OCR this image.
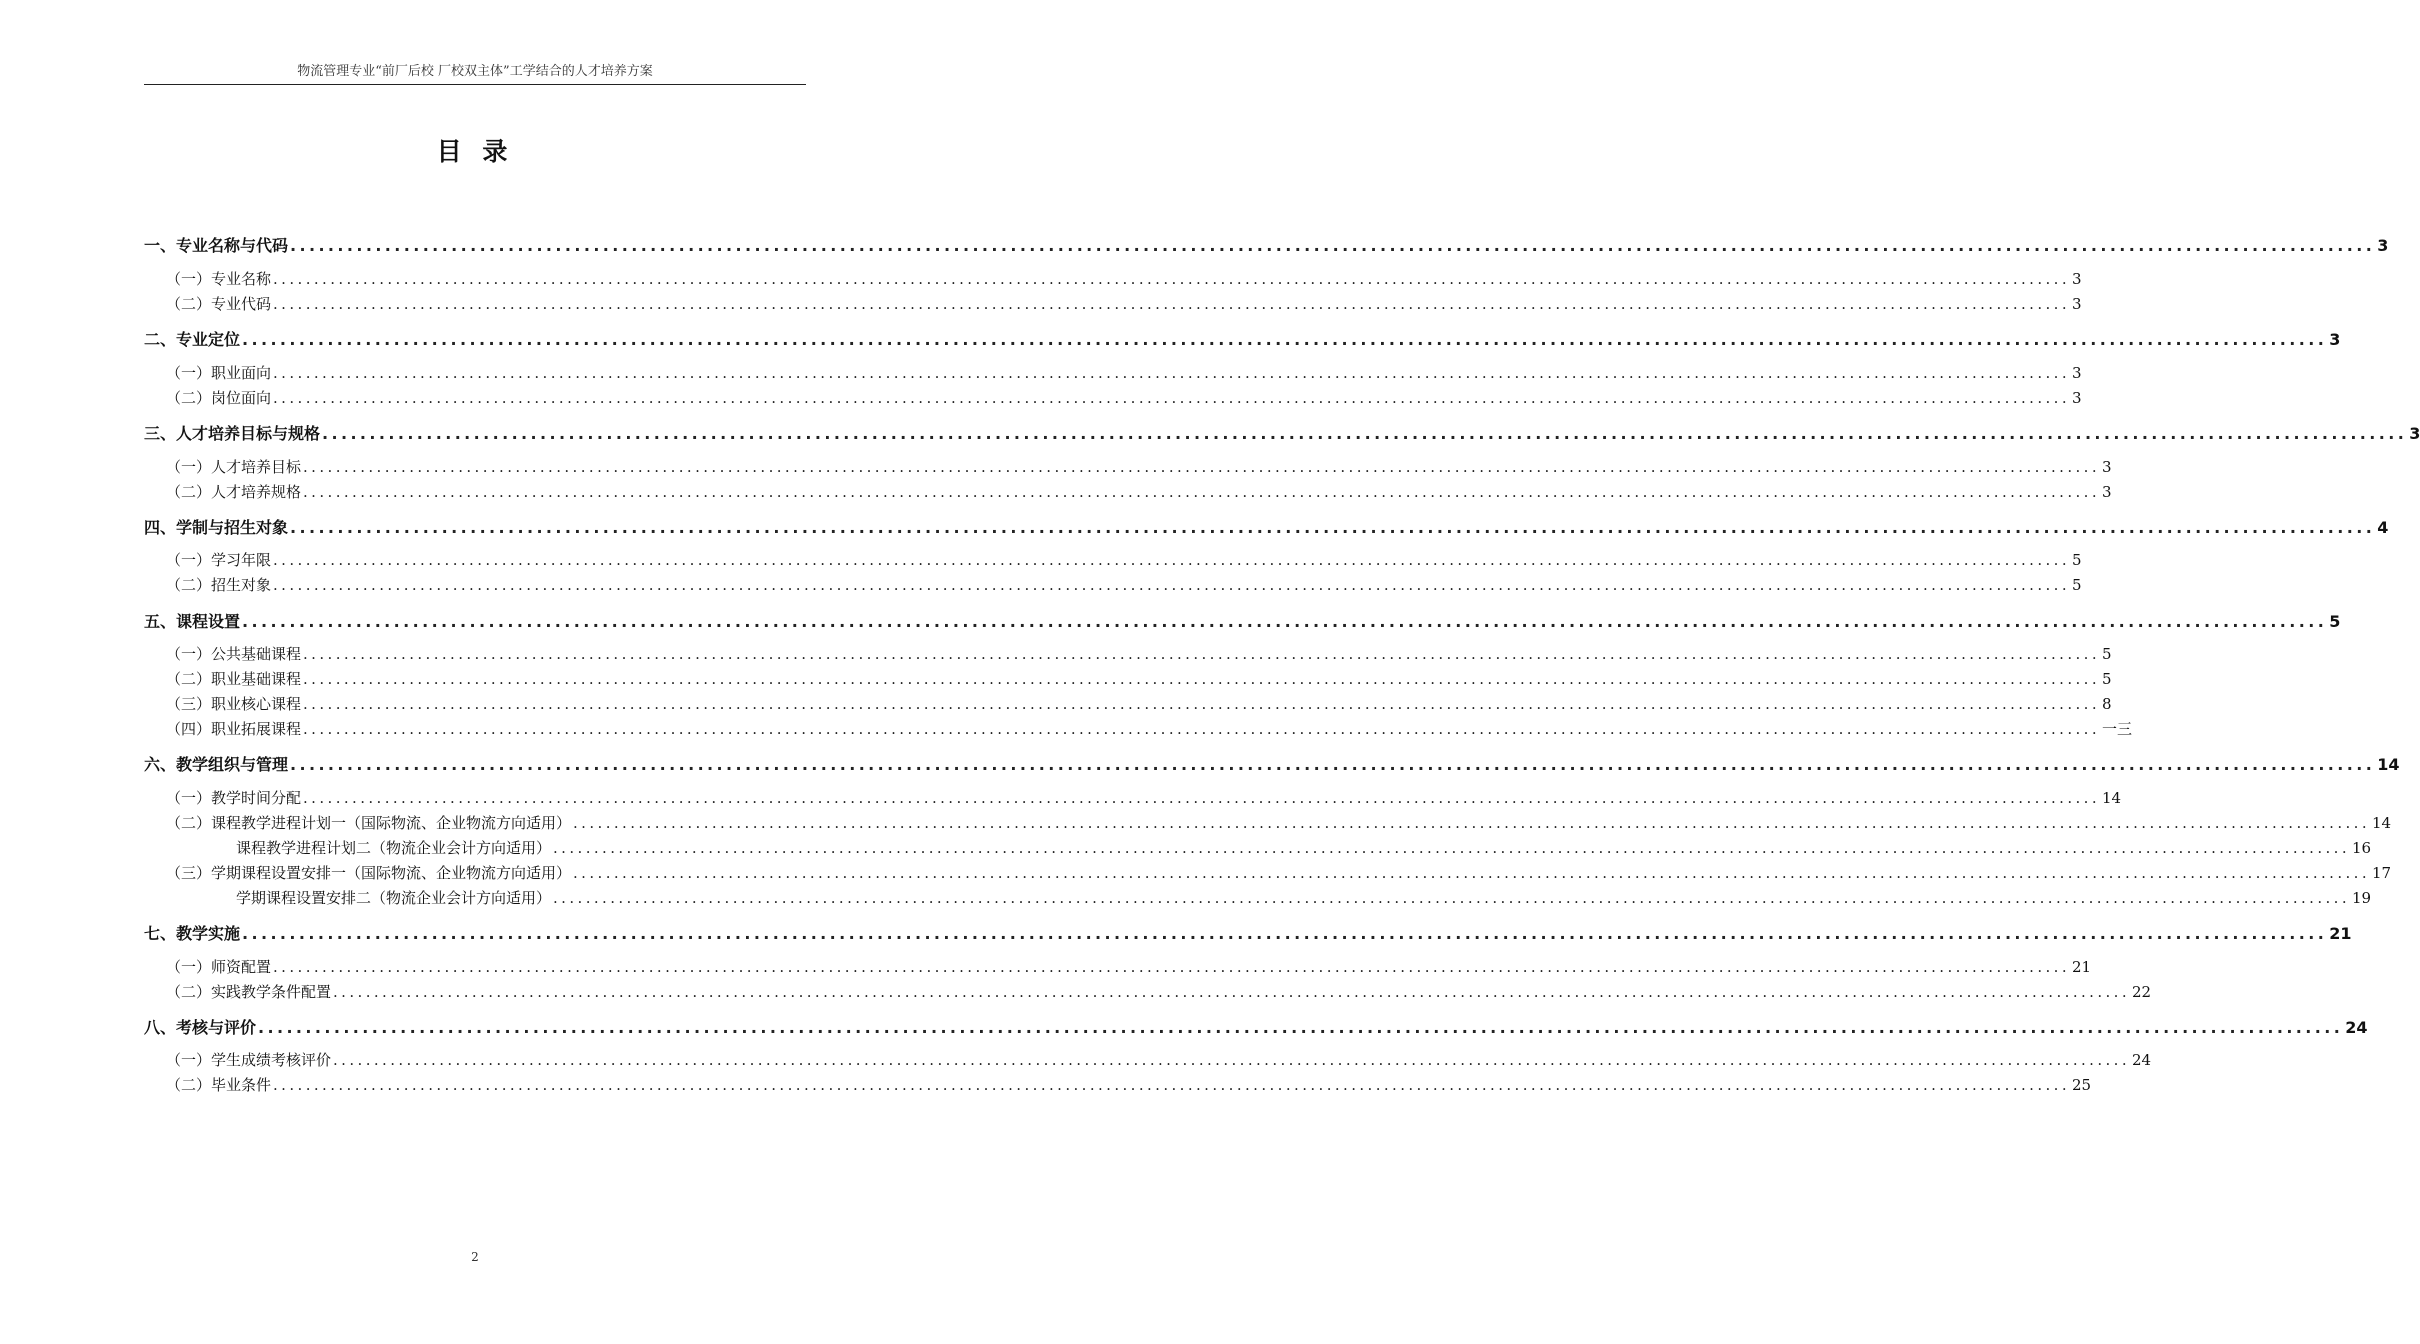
物流管理专业“前厂后校 厂校双主体”工学结合的人才培养方案
目 录
一、专业名称与代码 ............................................................................................................................................................................................................................ 3
（一）专业名称 ............................................................................................................................................................................................................................ 3
（二）专业代码 ............................................................................................................................................................................................................................ 3
二、专业定位 ............................................................................................................................................................................................................................ 3
（一）职业面向 ............................................................................................................................................................................................................................ 3
（二）岗位面向 ............................................................................................................................................................................................................................ 3
三、人才培养目标与规格 ............................................................................................................................................................................................................................ 3
（一）人才培养目标 ............................................................................................................................................................................................................................ 3
（二）人才培养规格 ............................................................................................................................................................................................................................ 3
四、学制与招生对象 ............................................................................................................................................................................................................................ 4
（一）学习年限 ............................................................................................................................................................................................................................ 5
（二）招生对象 ............................................................................................................................................................................................................................ 5
五、课程设置 ............................................................................................................................................................................................................................ 5
（一）公共基础课程 ............................................................................................................................................................................................................................ 5
（二）职业基础课程 ............................................................................................................................................................................................................................ 5
（三）职业核心课程 ............................................................................................................................................................................................................................ 8
（四）职业拓展课程 ............................................................................................................................................................................................................................ 一三
六、教学组织与管理 ............................................................................................................................................................................................................................ 14
（一）教学时间分配 ............................................................................................................................................................................................................................ 14
（二）课程教学进程计划一（国际物流、企业物流方向适用） ............................................................................................................................................................................................................................ 14
课程教学进程计划二（物流企业会计方向适用） ............................................................................................................................................................................................................................ 16
（三）学期课程设置安排一（国际物流、企业物流方向适用） ............................................................................................................................................................................................................................ 17
学期课程设置安排二（物流企业会计方向适用） ............................................................................................................................................................................................................................ 19
七、教学实施 ............................................................................................................................................................................................................................ 21
（一）师资配置 ............................................................................................................................................................................................................................ 21
（二）实践教学条件配置 ............................................................................................................................................................................................................................ 22
八、考核与评价 ............................................................................................................................................................................................................................ 24
（一）学生成绩考核评价 ............................................................................................................................................................................................................................ 24
（二）毕业条件 ............................................................................................................................................................................................................................ 25
2
